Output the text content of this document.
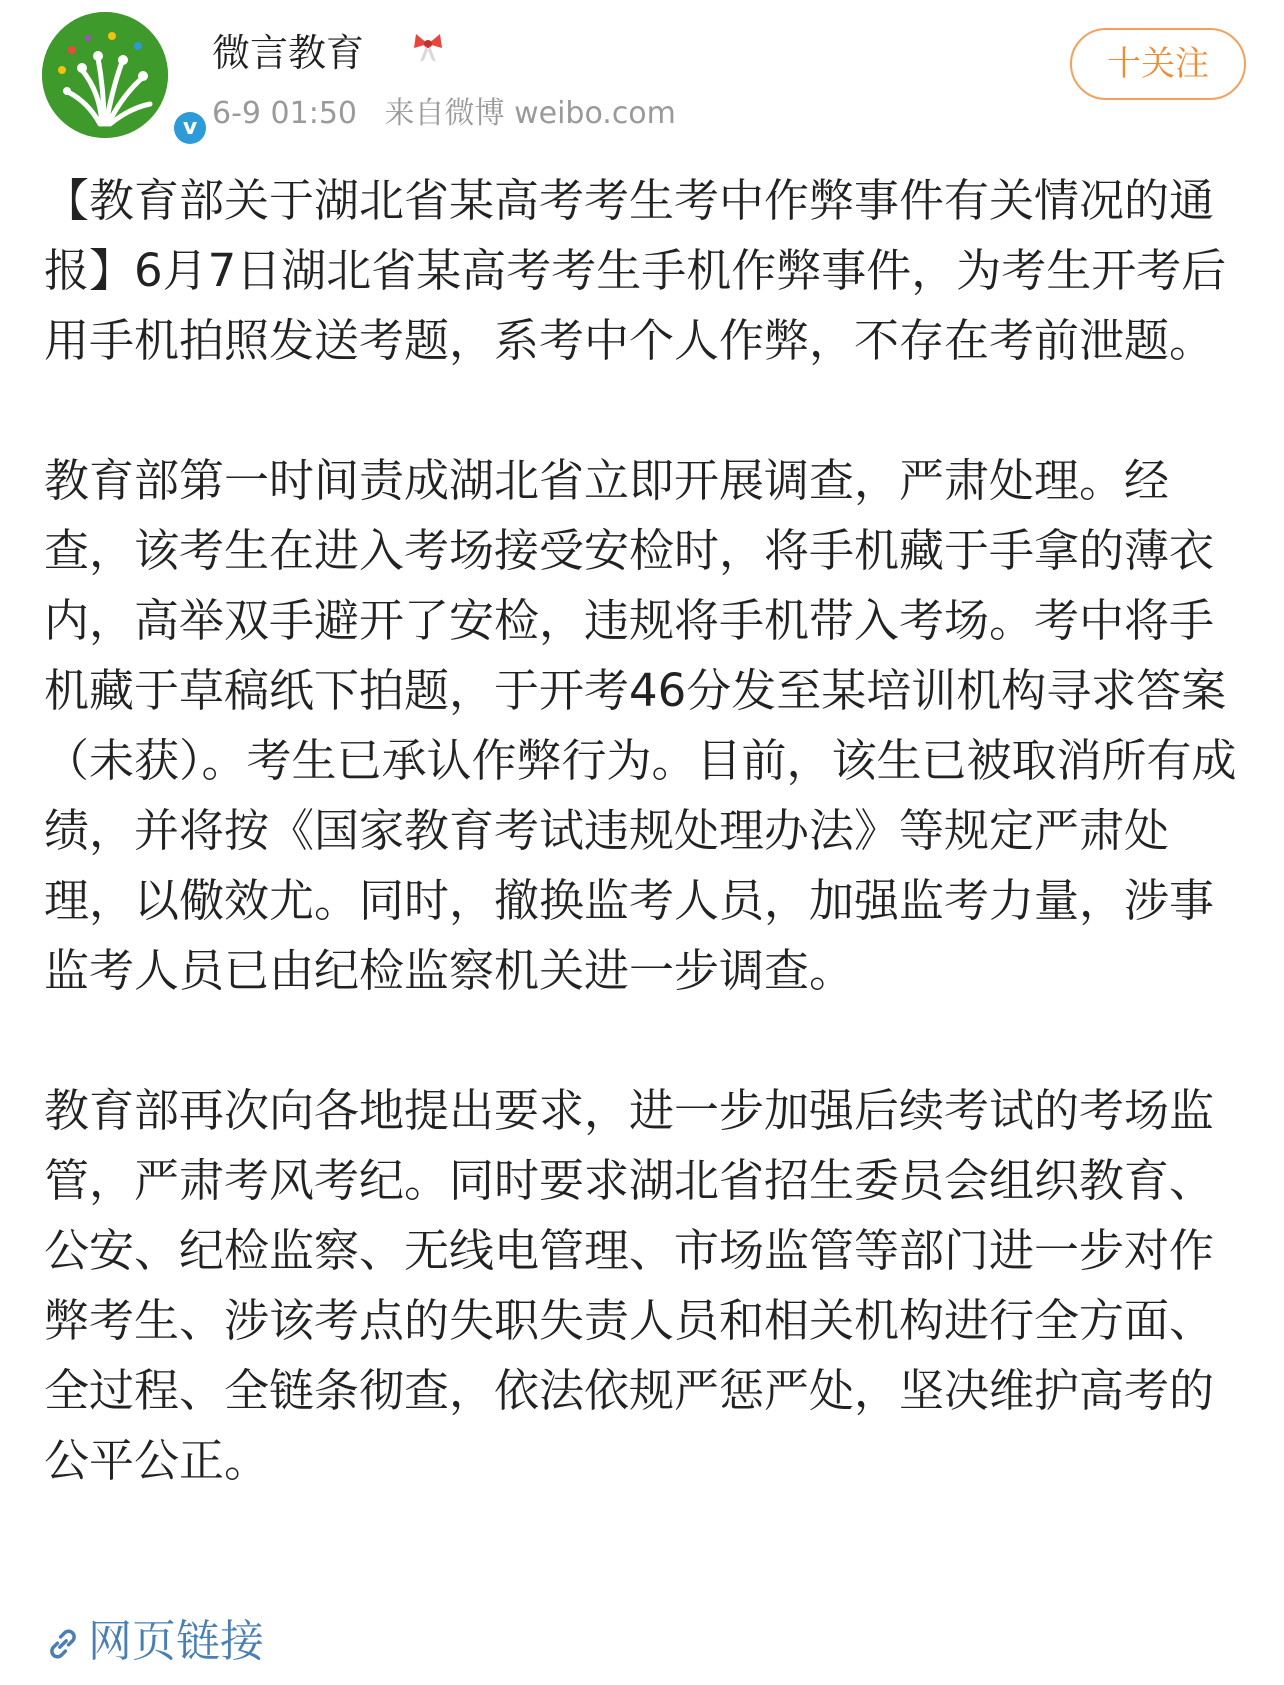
v
微言教育
6-9 01:50 来自微博 weibo.com
十关注

【教育部关于湖北省某高考考生考中作弊事件有关情况的通报】6月7日湖北省某高考考生手机作弊事件，为考生开考后用手机拍照发送考题，系考中个人作弊，不存在考前泄题。

教育部第一时间责成湖北省立即开展调查，严肃处理。经查，该考生在进入考场接受安检时，将手机藏于手拿的薄衣内，高举双手避开了安检，违规将手机带入考场。考中将手机藏于草稿纸下拍题，于开考46分发至某培训机构寻求答案（未获）。考生已承认作弊行为。目前，该生已被取消所有成绩，并将按《国家教育考试违规处理办法》等规定严肃处理，以儆效尤。同时，撤换监考人员，加强监考力量，涉事监考人员已由纪检监察机关进一步调查。

教育部再次向各地提出要求，进一步加强后续考试的考场监管，严肃考风考纪。同时要求湖北省招生委员会组织教育、公安、纪检监察、无线电管理、市场监管等部门进一步对作弊考生、涉该考点的失职失责人员和相关机构进行全方面、全过程、全链条彻查，依法依规严惩严处，坚决维护高考的公平公正。

网页链接
